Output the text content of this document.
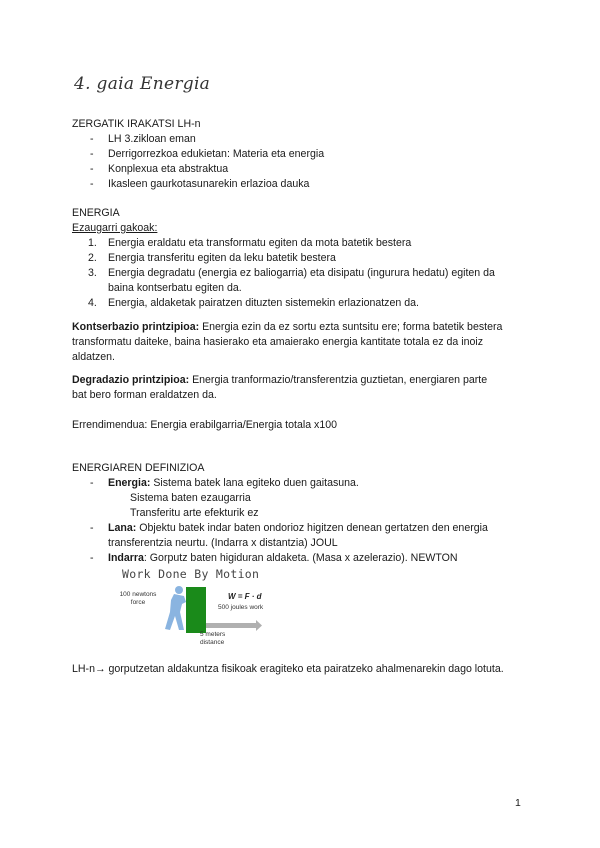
4. gaia Energia
ZERGATIK IRAKATSI LH-n
- LH 3.zikloan eman
- Derrigorrezkoa edukietan: Materia eta energia
- Konplexua eta abstraktua
- Ikasleen gaurkotasunarekin erlazioa dauka
ENERGIA
Ezaugarri gakoak:
1. Energia eraldatu eta transformatu egiten da mota batetik bestera
2. Energia transferitu egiten da leku batetik bestera
3. Energia degradatu (energia ez baliogarria) eta disipatu (ingurura hedatu) egiten da
baina kontserbatu egiten da.
4. Energia, aldaketak pairatzen dituzten sistemekin erlazionatzen da.
Kontserbazio printzipioa: Energia ezin da ez sortu ezta suntsitu ere; forma batetik bestera
transformatu daiteke, baina hasierako eta amaierako energia kantitate totala ez da inoiz
aldatzen.
Degradazio printzipioa: Energia tranformazio/transferentzia guztietan, energiaren parte
bat bero forman eraldatzen da.
Errendimendua: Energia erabilgarria/Energia totala x100
ENERGIAREN DEFINIZIOA
- Energia: Sistema batek lana egiteko duen gaitasuna.
Sistema baten ezaugarria
Transferitu arte efekturik ez
- Lana: Objektu batek indar baten ondorioz higitzen denean gertatzen den energia
transferentzia neurtu. (Indarra x distantzia) JOUL
- Indarra: Gorputz baten higiduran aldaketa. (Masa x azelerazio). NEWTON
Work Done By Motion
100 newtons
force
W = F · d
500 joules work
5 meters
distance
LH-n→ gorputzetan aldakuntza fisikoak eragiteko eta pairatzeko ahalmenarekin dago lotuta.
1
